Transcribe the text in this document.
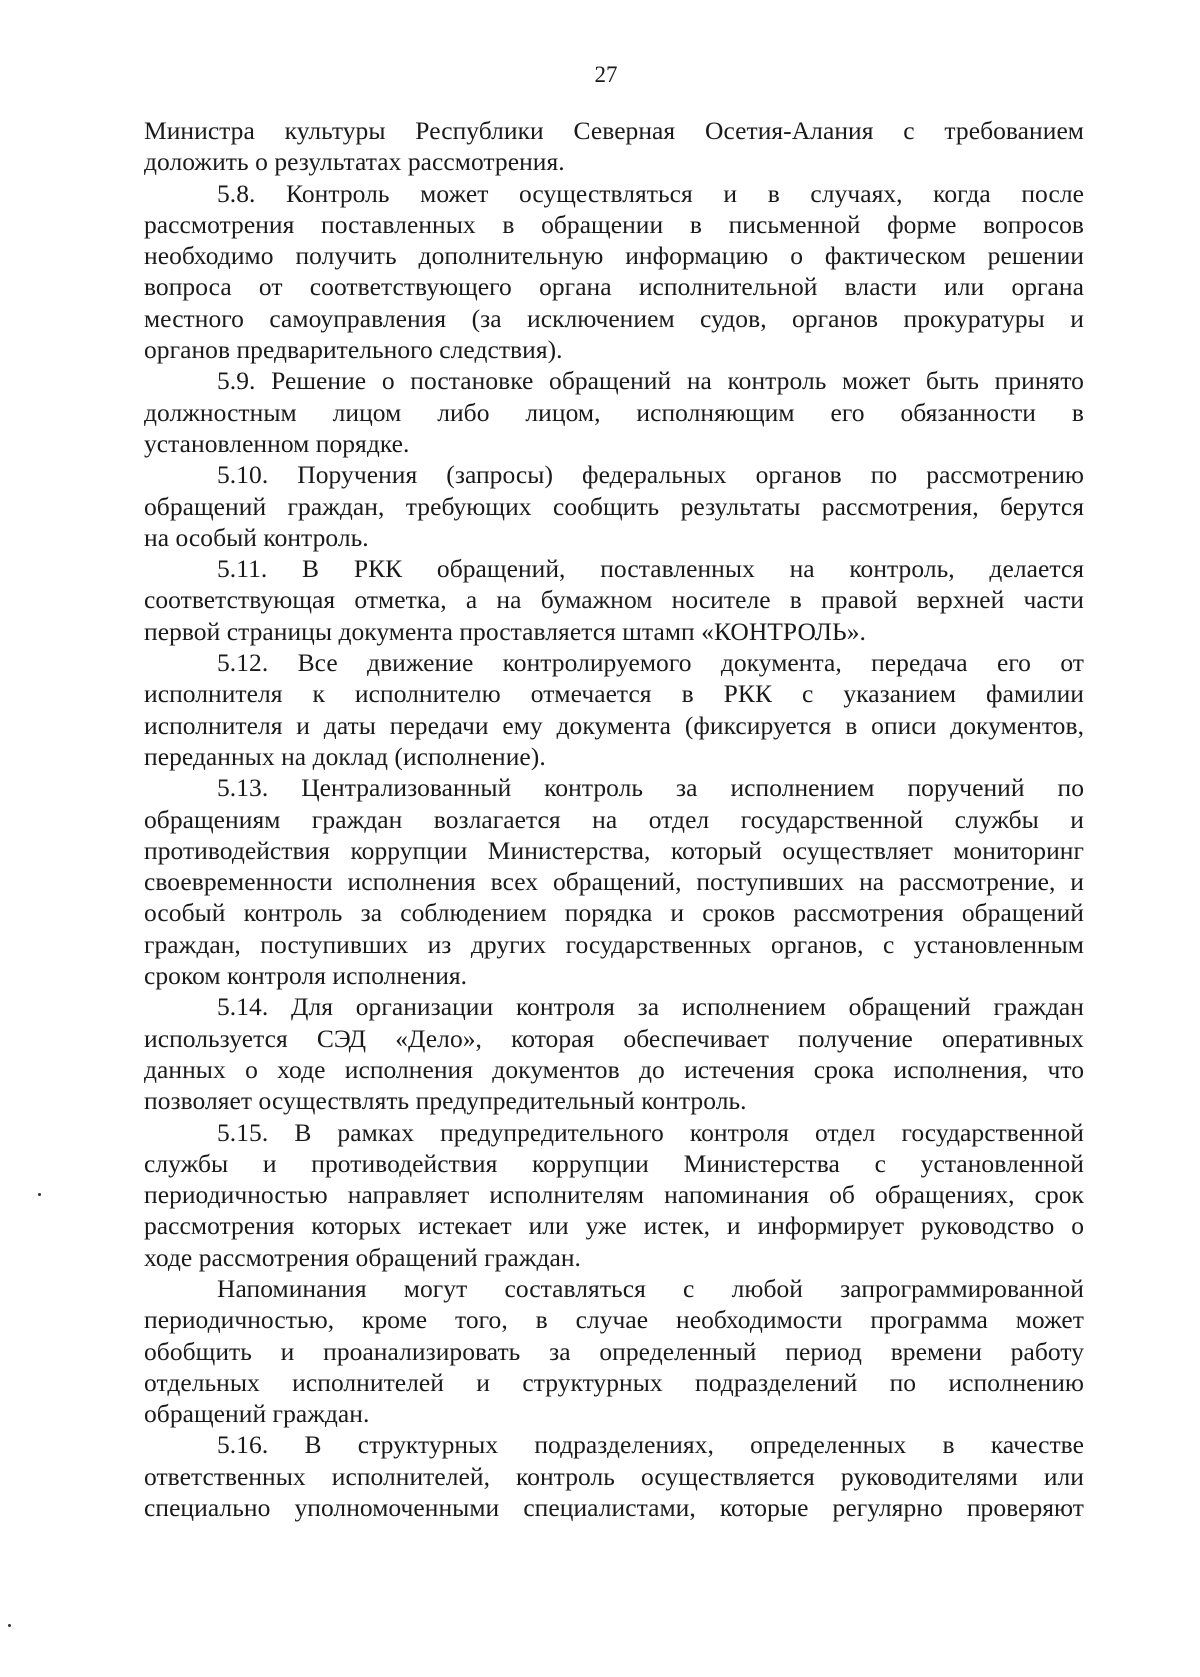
27
Министра культуры Республики Северная Осетия-Алания с требованием
доложить о результатах рассмотрения.
5.8. Контроль может осуществляться и в случаях, когда после
рассмотрения поставленных в обращении в письменной форме вопросов
необходимо получить дополнительную информацию о фактическом решении
вопроса от соответствующего органа исполнительной власти или органа
местного самоуправления (за исключением судов, органов прокуратуры и
органов предварительного следствия).
5.9. Решение о постановке обращений на контроль может быть принято
должностным лицом либо лицом, исполняющим его обязанности в
установленном порядке.
5.10. Поручения (запросы) федеральных органов по рассмотрению
обращений граждан, требующих сообщить результаты рассмотрения, берутся
на особый контроль.
5.11. В РКК обращений, поставленных на контроль, делается
соответствующая отметка, а на бумажном носителе в правой верхней части
первой страницы документа проставляется штамп «КОНТРОЛЬ».
5.12. Все движение контролируемого документа, передача его от
исполнителя к исполнителю отмечается в РКК с указанием фамилии
исполнителя и даты передачи ему документа (фиксируется в описи документов,
переданных на доклад (исполнение).
5.13. Централизованный контроль за исполнением поручений по
обращениям граждан возлагается на отдел государственной службы и
противодействия коррупции Министерства, который осуществляет мониторинг
своевременности исполнения всех обращений, поступивших на рассмотрение, и
особый контроль за соблюдением порядка и сроков рассмотрения обращений
граждан, поступивших из других государственных органов, с установленным
сроком контроля исполнения.
5.14. Для организации контроля за исполнением обращений граждан
используется СЭД «Дело», которая обеспечивает получение оперативных
данных о ходе исполнения документов до истечения срока исполнения, что
позволяет осуществлять предупредительный контроль.
5.15. В рамках предупредительного контроля отдел государственной
службы и противодействия коррупции Министерства с установленной
периодичностью направляет исполнителям напоминания об обращениях, срок
рассмотрения которых истекает или уже истек, и информирует руководство о
ходе рассмотрения обращений граждан.
Напоминания могут составляться с любой запрограммированной
периодичностью, кроме того, в случае необходимости программа может
обобщить и проанализировать за определенный период времени работу
отдельных исполнителей и структурных подразделений по исполнению
обращений граждан.
5.16. В структурных подразделениях, определенных в качестве
ответственных исполнителей, контроль осуществляется руководителями или
специально уполномоченными специалистами, которые регулярно проверяют
